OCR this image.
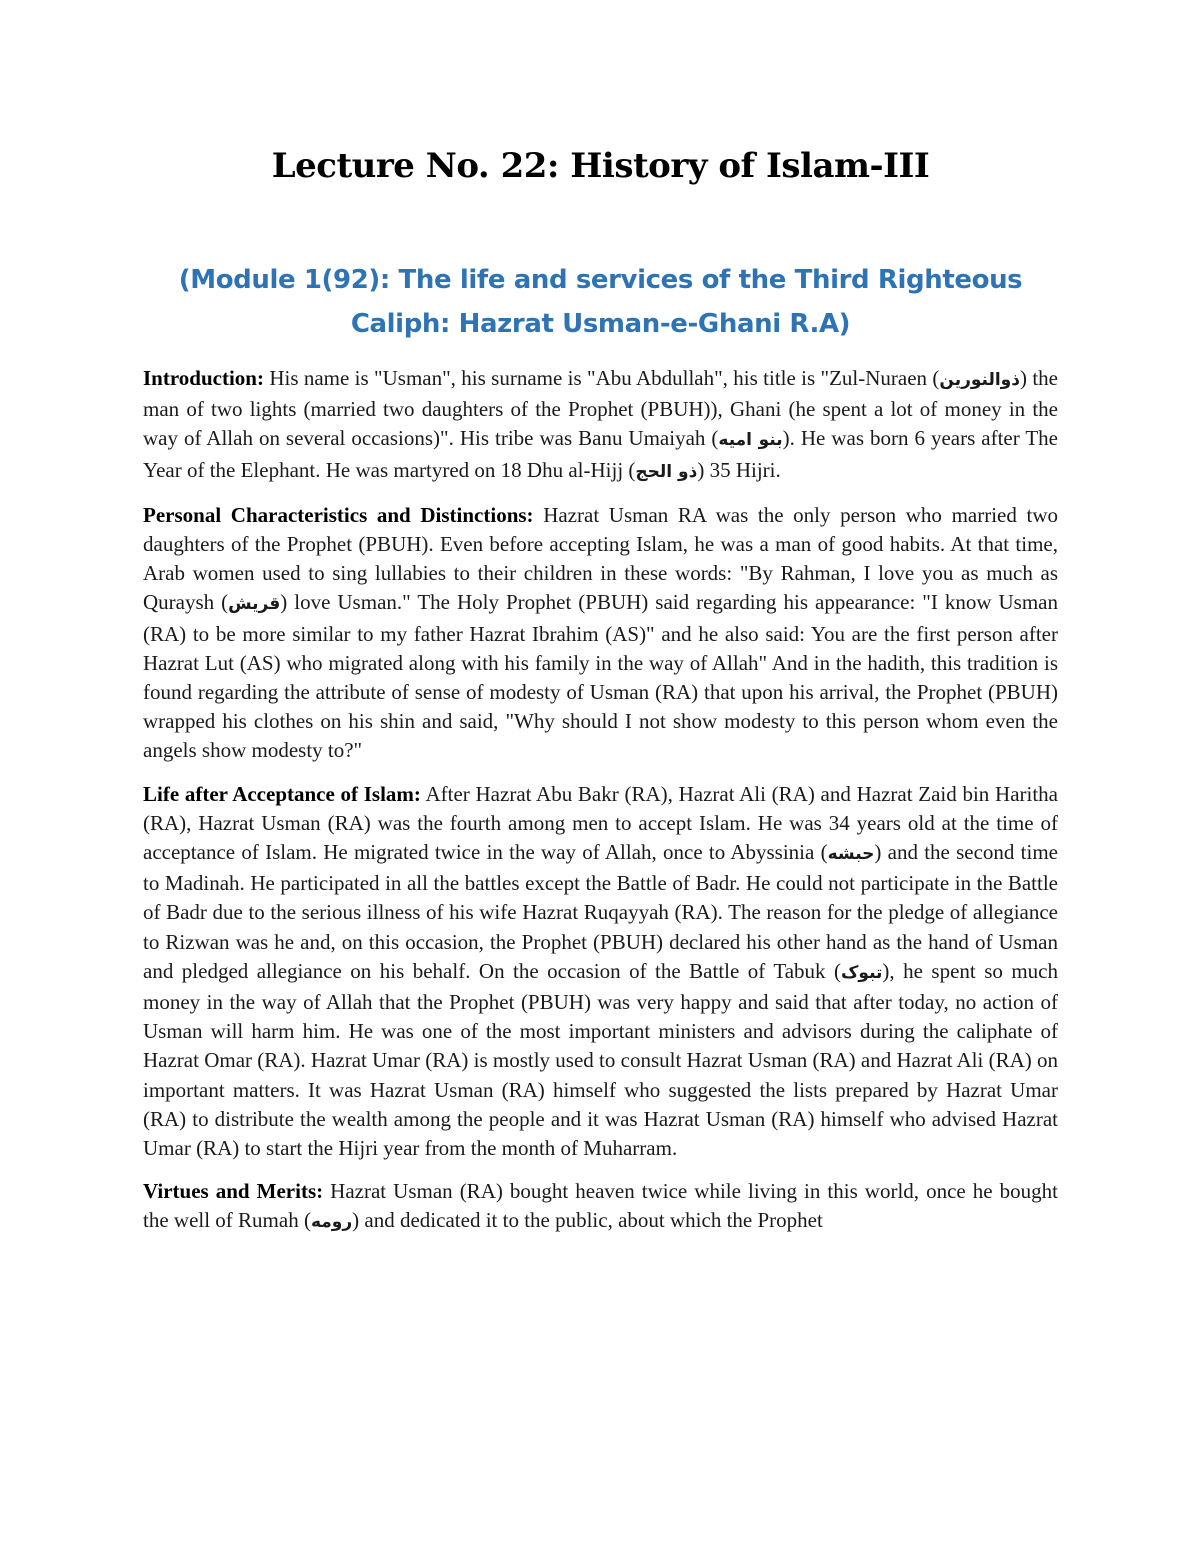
Lecture No. 22: History of Islam-III
(Module 1(92): The life and services of the Third Righteous
Caliph: Hazrat Usman-e-Ghani R.A)

Introduction: His name is "Usman", his surname is "Abu Abdullah", his title is "Zul-Nuraen (ذوالنورين) the man of two lights (married two daughters of the Prophet (PBUH)), Ghani (he spent a lot of money in the way of Allah on several occasions)". His tribe was Banu Umaiyah (بنو اميه). He was born 6 years after The Year of the Elephant. He was martyred on 18 Dhu al-Hijj (ذو الحج) 35 Hijri.

Personal Characteristics and Distinctions: Hazrat Usman RA was the only person who married two daughters of the Prophet (PBUH). Even before accepting Islam, he was a man of good habits. At that time, Arab women used to sing lullabies to their children in these words: "By Rahman, I love you as much as Quraysh (قريش) love Usman." The Holy Prophet (PBUH) said regarding his appearance: "I know Usman (RA) to be more similar to my father Hazrat Ibrahim (AS)" and he also said: You are the first person after Hazrat Lut (AS) who migrated along with his family in the way of Allah" And in the hadith, this tradition is found regarding the attribute of sense of modesty of Usman (RA) that upon his arrival, the Prophet (PBUH) wrapped his clothes on his shin and said, "Why should I not show modesty to this person whom even the angels show modesty to?"

Life after Acceptance of Islam: After Hazrat Abu Bakr (RA), Hazrat Ali (RA) and Hazrat Zaid bin Haritha (RA), Hazrat Usman (RA) was the fourth among men to accept Islam. He was 34 years old at the time of acceptance of Islam. He migrated twice in the way of Allah, once to Abyssinia (حبشه) and the second time to Madinah. He participated in all the battles except the Battle of Badr. He could not participate in the Battle of Badr due to the serious illness of his wife Hazrat Ruqayyah (RA). The reason for the pledge of allegiance to Rizwan was he and, on this occasion, the Prophet (PBUH) declared his other hand as the hand of Usman and pledged allegiance on his behalf. On the occasion of the Battle of Tabuk (تبوک), he spent so much money in the way of Allah that the Prophet (PBUH) was very happy and said that after today, no action of Usman will harm him. He was one of the most important ministers and advisors during the caliphate of Hazrat Omar (RA). Hazrat Umar (RA) is mostly used to consult Hazrat Usman (RA) and Hazrat Ali (RA) on important matters. It was Hazrat Usman (RA) himself who suggested the lists prepared by Hazrat Umar (RA) to distribute the wealth among the people and it was Hazrat Usman (RA) himself who advised Hazrat Umar (RA) to start the Hijri year from the month of Muharram.

Virtues and Merits: Hazrat Usman (RA) bought heaven twice while living in this world, once he bought the well of Rumah (رومه) and dedicated it to the public, about which the Prophet
